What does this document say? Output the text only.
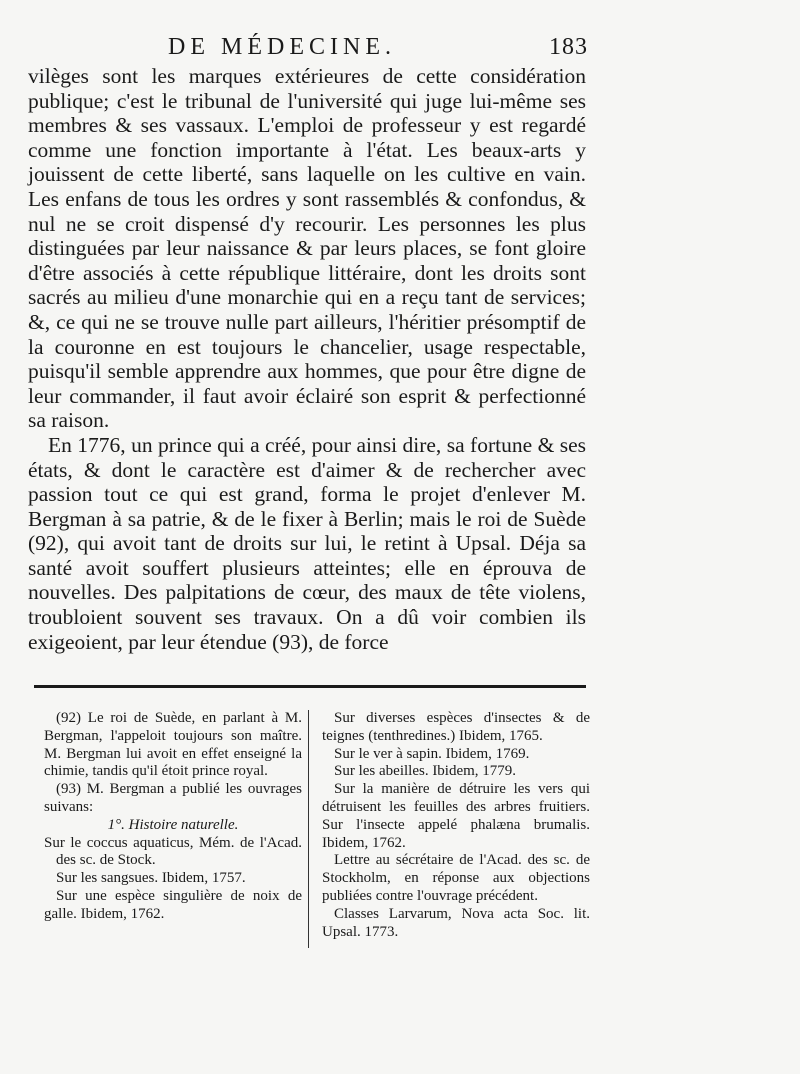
DE MÉDECINE.	183

vilèges sont les marques extérieures de cette considération publique; c'est le tribunal de l'université qui juge lui-même ses membres & ses vassaux. L'emploi de professeur y est regardé comme une fonction importante à l'état. Les beaux-arts y jouissent de cette liberté, sans laquelle on les cultive en vain. Les enfans de tous les ordres y sont rassemblés & confondus, & nul ne se croit dispensé d'y recourir. Les personnes les plus distinguées par leur naissance & par leurs places, se font gloire d'être associés à cette république littéraire, dont les droits sont sacrés au milieu d'une monarchie qui en a reçu tant de services; &, ce qui ne se trouve nulle part ailleurs, l'héritier présomptif de la couronne en est toujours le chancelier, usage respectable, puisqu'il semble apprendre aux hommes, que pour être digne de leur commander, il faut avoir éclairé son esprit & perfectionné sa raison.

En 1776, un prince qui a créé, pour ainsi dire, sa fortune & ses états, & dont le caractère est d'aimer & de rechercher avec passion tout ce qui est grand, forma le projet d'enlever M. Bergman à sa patrie, & de le fixer à Berlin; mais le roi de Suède (92), qui avoit tant de droits sur lui, le retint à Upsal. Déja sa santé avoit souffert plusieurs atteintes; elle en éprouva de nouvelles. Des palpitations de cœur, des maux de tête violens, troubloient souvent ses travaux. On a dû voir combien ils exigeoient, par leur étendue (93), de force

(92) Le roi de Suède, en parlant à M. Bergman, l'appeloit toujours son maître. M. Bergman lui avoit en effet enseigné la chimie, tandis qu'il étoit prince royal.

(93) M. Bergman a publié les ouvrages suivans:

1°. Histoire naturelle.

Sur le coccus aquaticus, Mém. de l'Acad. des sc. de Stock.

Sur les sangsues. Ibidem, 1757.

Sur une espèce singulière de noix de galle. Ibidem, 1762.

Sur diverses espèces d'insectes & de teignes (tenthredines.) Ibidem, 1765.

Sur le ver à sapin. Ibidem, 1769.

Sur les abeilles. Ibidem, 1779.

Sur la manière de détruire les vers qui détruisent les feuilles des arbres fruitiers. Sur l'insecte appelé phalæna brumalis. Ibidem, 1762.

Lettre au sécrétaire de l'Acad. des sc. de Stockholm, en réponse aux objections publiées contre l'ouvrage précédent.

Classes Larvarum, Nova acta Soc. lit. Upsal. 1773.
